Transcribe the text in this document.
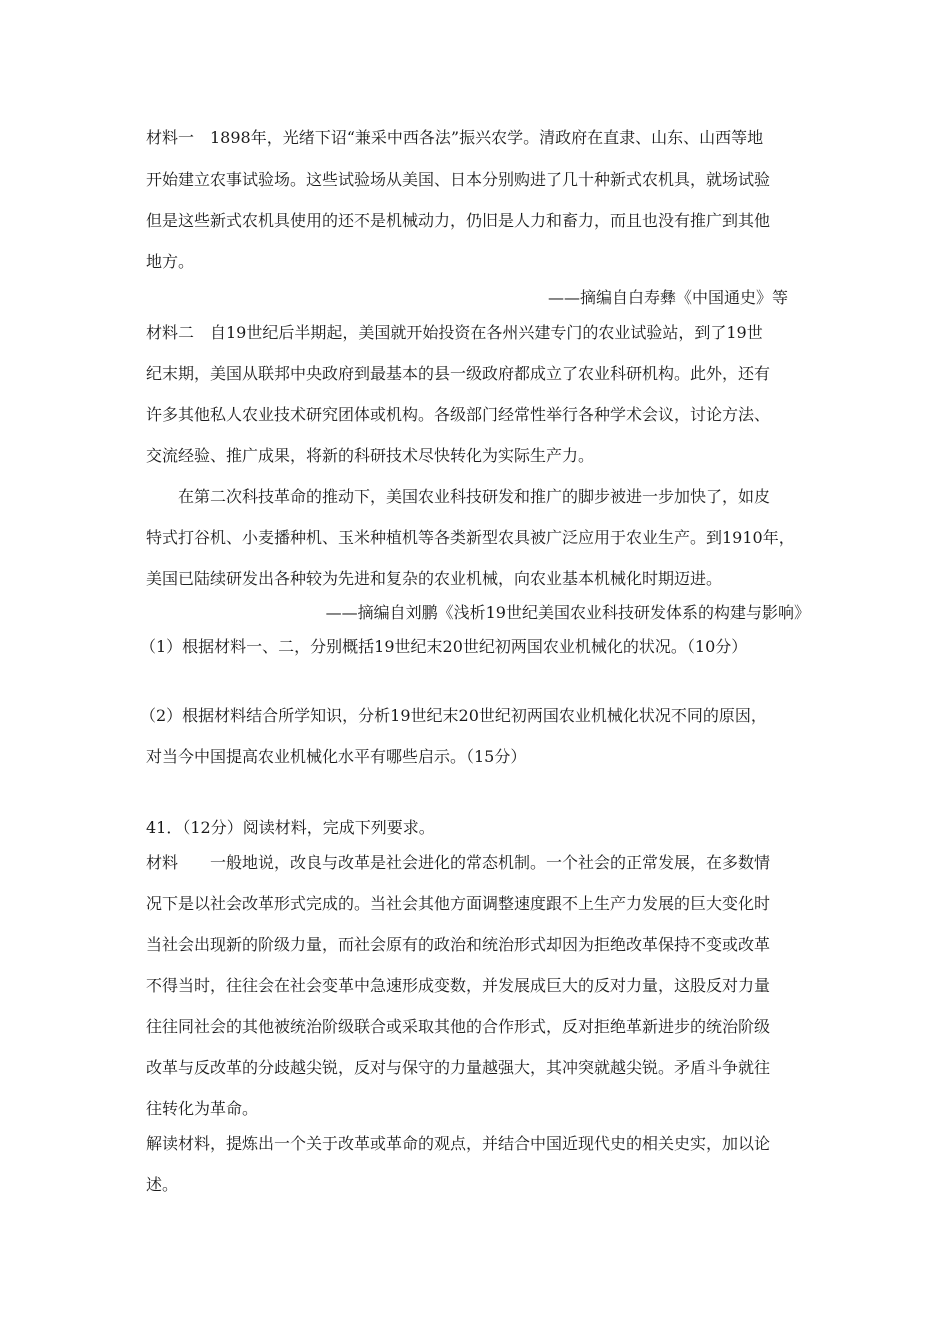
材料一　1898年，光绪下诏“兼采中西各法”振兴农学。清政府在直隶、山东、山西等地
开始建立农事试验场。这些试验场从美国、日本分别购进了几十种新式农机具，就场试验
但是这些新式农机具使用的还不是机械动力，仍旧是人力和畜力，而且也没有推广到其他
地方。
——摘编自白寿彝《中国通史》等
材料二　自19世纪后半期起，美国就开始投资在各州兴建专门的农业试验站，到了19世
纪末期，美国从联邦中央政府到最基本的县一级政府都成立了农业科研机构。此外，还有
许多其他私人农业技术研究团体或机构。各级部门经常性举行各种学术会议，讨论方法、
交流经验、推广成果，将新的科研技术尽快转化为实际生产力。
在第二次科技革命的推动下，美国农业科技研发和推广的脚步被进一步加快了，如皮
特式打谷机、小麦播种机、玉米种植机等各类新型农具被广泛应用于农业生产。到1910年，
美国已陆续研发出各种较为先进和复杂的农业机械，向农业基本机械化时期迈进。
——摘编自刘鹏《浅析19世纪美国农业科技研发体系的构建与影响》
（1）根据材料一、二，分别概括19世纪末20世纪初两国农业机械化的状况。（10分）
（2）根据材料结合所学知识，分析19世纪末20世纪初两国农业机械化状况不同的原因，
对当今中国提高农业机械化水平有哪些启示。（15分）
41．（12分）阅读材料，完成下列要求。
材料　　一般地说，改良与改革是社会进化的常态机制。一个社会的正常发展，在多数情
况下是以社会改革形式完成的。当社会其他方面调整速度跟不上生产力发展的巨大变化时
当社会出现新的阶级力量，而社会原有的政治和统治形式却因为拒绝改革保持不变或改革
不得当时，往往会在社会变革中急速形成变数，并发展成巨大的反对力量，这股反对力量
往往同社会的其他被统治阶级联合或采取其他的合作形式，反对拒绝革新进步的统治阶级
改革与反改革的分歧越尖锐，反对与保守的力量越强大，其冲突就越尖锐。矛盾斗争就往
往转化为革命。
解读材料，提炼出一个关于改革或革命的观点，并结合中国近现代史的相关史实，加以论
述。
